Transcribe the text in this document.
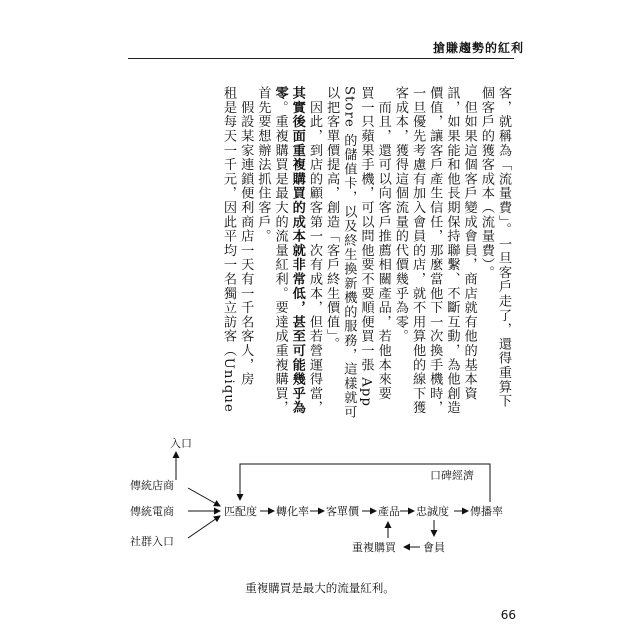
搶賺趨勢的紅利
客，就稱為「流量費」。一旦客戶走了，還得重算下
個客戶的獲客成本（流量費）。
　但如果這個客戶變成會員，商店就有他的基本資
訊，如果能和他長期保持聯繫、不斷互動，為他創造
價值，讓客戶產生信任，那麼當他下一次換手機時，
一旦優先考慮有加入會員的店，就不用算他的線下獲
客成本，獲得這個流量的代價幾乎為零。
　而且，還可以向客戶推薦相關產品，若他本來要
買一只蘋果手機，可以問他要不要順便買一張 App
Store 的儲值卡，以及終生換新機的服務，這樣就可
以把客單價提高，創造「客戶終生價值」。
　因此，到店的顧客第一次有成本，但若營運得當，
其實後面重複購買的成本就非常低，甚至可能幾乎為
零。重複購買是最大的流量紅利。要達成重複購買，
首先要想辦法抓住客戶。
　假設某家連鎖便利商店一天有一千名客人，房
租是每天一千元，因此平均一名獨立訪客（Unique
入口
傳統店商
傳統電商
社群入口
匹配度 轉化率 客單價 產品 忠誠度 傳播率
口碑經濟
會員
重複購買
重複購買是最大的流量紅利。
66
